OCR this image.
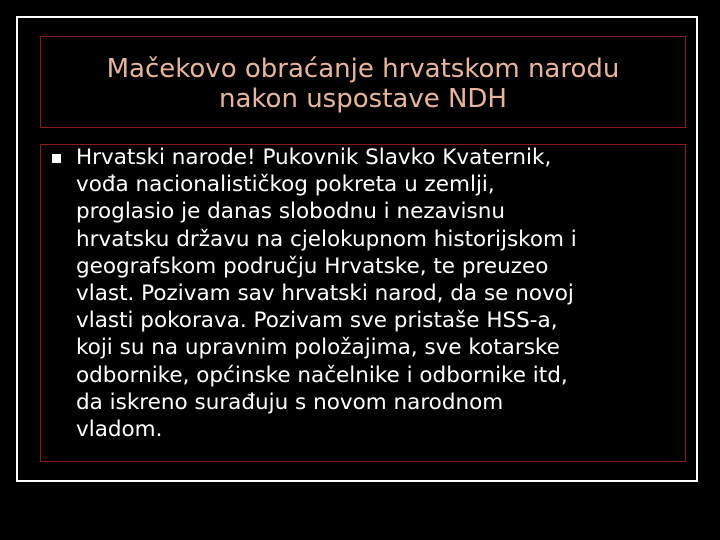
Mačekovo obraćanje hrvatskom narodu
nakon uspostave NDH

Hrvatski narode! Pukovnik Slavko Kvaternik,
vođa nacionalističkog pokreta u zemlji,
proglasio je danas slobodnu i nezavisnu
hrvatsku državu na cjelokupnom historijskom i
geografskom području Hrvatske, te preuzeo
vlast. Pozivam sav hrvatski narod, da se novoj
vlasti pokorava. Pozivam sve pristaše HSS-a,
koji su na upravnim položajima, sve kotarske
odbornike, općinske načelnike i odbornike itd,
da iskreno surađuju s novom narodnom
vladom.
